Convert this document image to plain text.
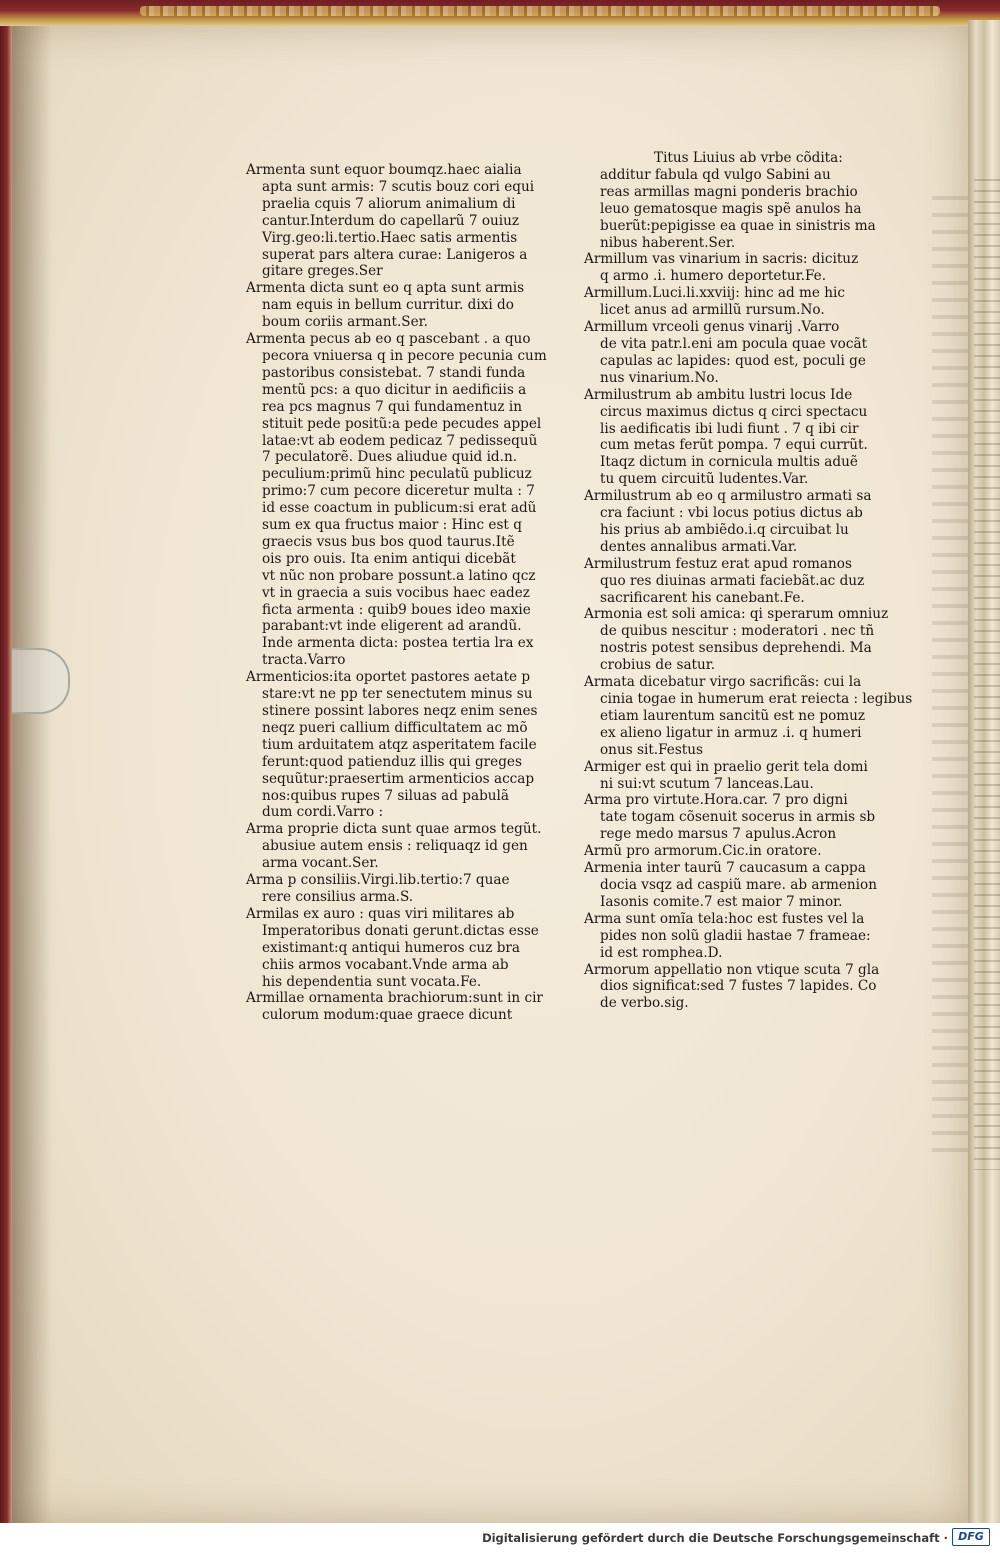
Armenta sunt equor boumqz.haec aialia
apta sunt armis: 7 scutis bouz cori equi
praelia cquis 7 aliorum animalium di
cantur.Interdum do capellarũ 7 ouiuz
Virg.geo:li.tertio.Haec satis armentis
superat pars altera curae: Lanigeros a
gitare greges.Ser
Armenta dicta sunt eo q apta sunt armis
nam equis in bellum curritur. dixi do
boum coriis armant.Ser.
Armenta pecus ab eo q pascebant . a quo
pecora vniuersa q in pecore pecunia cum
pastoribus consistebat. 7 standi funda
mentũ pcs: a quo dicitur in aedificiis a
rea pcs magnus 7 qui fundamentuz in
stituit pede positũ:a pede pecudes appel
latae:vt ab eodem pedicaz 7 pedissequũ
7 peculatorẽ. Dues aliudue quid id.n.
peculium:primũ hinc peculatũ publicuz
primo:7 cum pecore diceretur multa : 7
id esse coactum in publicum:si erat adũ
sum ex qua fructus maior : Hinc est q
graecis vsus bus bos quod taurus.Itẽ
ois pro ouis. Ita enim antiqui dicebãt
vt nũc non probare possunt.a latino qcz
vt in graecia a suis vocibus haec eadez
ficta armenta : quib9 boues ideo maxie
parabant:vt inde eligerent ad arandũ.
Inde armenta dicta: postea tertia lra ex
tracta.Varro
Armenticios:ita oportet pastores aetate p
stare:vt ne pp ter senectutem minus su
stinere possint labores neqz enim senes
neqz pueri callium difficultatem ac mõ
tium arduitatem atqz asperitatem facile
ferunt:quod patienduz illis qui greges
sequũtur:praesertim armenticios accap
nos:quibus rupes 7 siluas ad pabulã
dum cordi.Varro :
Arma proprie dicta sunt quae armos tegũt.
abusiue autem ensis : reliquaqz id gen
arma vocant.Ser.
Arma p consiliis.Virgi.lib.tertio:7 quae
rere consilius arma.S.
Armilas ex auro : quas viri militares ab
Imperatoribus donati gerunt.dictas esse
existimant:q antiqui humeros cuz bra
chiis armos vocabant.Vnde arma ab
his dependentia sunt vocata.Fe.
Armillae ornamenta brachiorum:sunt in cir
culorum modum:quae graece dicunt
Titus Liuius ab vrbe cõdita:
additur fabula qd vulgo Sabini au
reas armillas magni ponderis brachio
leuo gematosque magis spẽ anulos ha
buerũt:pepigisse ea quae in sinistris ma
nibus haberent.Ser.
Armillum vas vinarium in sacris: dicituz
q armo .i. humero deportetur.Fe.
Armillum.Luci.li.xxviij: hinc ad me hic
licet anus ad armillũ rursum.No.
Armillum vrceoli genus vinarij .Varro
de vita patr.l.eni am pocula quae vocãt
capulas ac lapides: quod est, poculi ge
nus vinarium.No.
Armilustrum ab ambitu lustri locus Ide
circus maximus dictus q circi spectacu
lis aedificatis ibi ludi fiunt . 7 q ibi cir
cum metas ferũt pompa. 7 equi currũt.
Itaqz dictum in cornicula multis aduẽ
tu quem circuitũ ludentes.Var.
Armilustrum ab eo q armilustro armati sa
cra faciunt : vbi locus potius dictus ab
his prius ab ambiẽdo.i.q circuibat lu
dentes annalibus armati.Var.
Armilustrum festuz erat apud romanos
quo res diuinas armati faciebãt.ac duz
sacrificarent his canebant.Fe.
Armonia est soli amica: qi sperarum omniuz
de quibus nescitur : moderatori . nec tñ
nostris potest sensibus deprehendi. Ma
crobius de satur.
Armata dicebatur virgo sacrificãs: cui la
cinia togae in humerum erat reiecta : legibus
etiam laurentum sancitũ est ne pomuz
ex alieno ligatur in armuz .i. q humeri
onus sit.Festus
Armiger est qui in praelio gerit tela domi
ni sui:vt scutum 7 lanceas.Lau.
Arma pro virtute.Hora.car. 7 pro digni
tate togam cõsenuit socerus in armis sb
rege medo marsus 7 apulus.Acron
Armũ pro armorum.Cic.in oratore.
Armenia inter taurũ 7 caucasum a cappa
docia vsqz ad caspiũ mare. ab armenion
Iasonis comite.7 est maior 7 minor.
Arma sunt omĩa tela:hoc est fustes vel la
pides non solũ gladii hastae 7 frameae:
id est romphea.D.
Armorum appellatio non vtique scuta 7 gla
dios significat:sed 7 fustes 7 lapides. Co
de verbo.sig.
Digitalisierung gefördert durch die Deutsche Forschungsgemeinschaft · DFG
